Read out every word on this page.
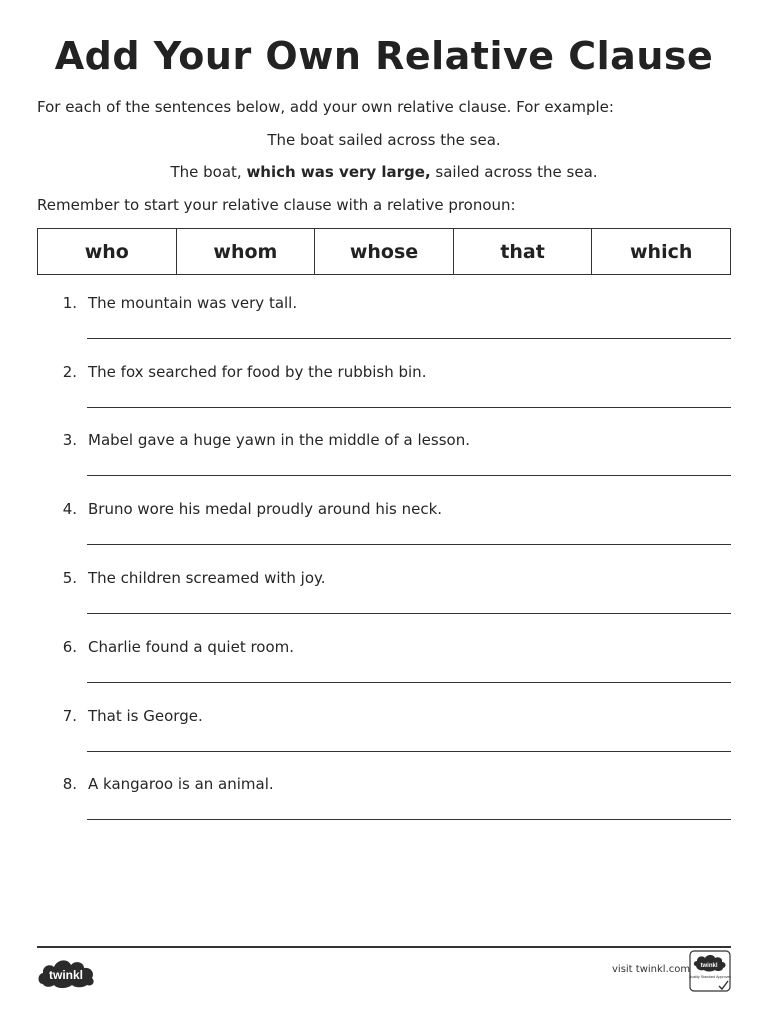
Add Your Own Relative Clause
For each of the sentences below, add your own relative clause. For example:
The boat sailed across the sea.
The boat, which was very large, sailed across the sea.
Remember to start your relative clause with a relative pronoun:
who	whom	whose	that	which
1. The mountain was very tall.
2. The fox searched for food by the rubbish bin.
3. Mabel gave a huge yawn in the middle of a lesson.
4. Bruno wore his medal proudly around his neck.
5. The children screamed with joy.
6. Charlie found a quiet room.
7. That is George.
8. A kangaroo is an animal.
twinkl	visit twinkl.com twinkl
Quality Standard Approved
